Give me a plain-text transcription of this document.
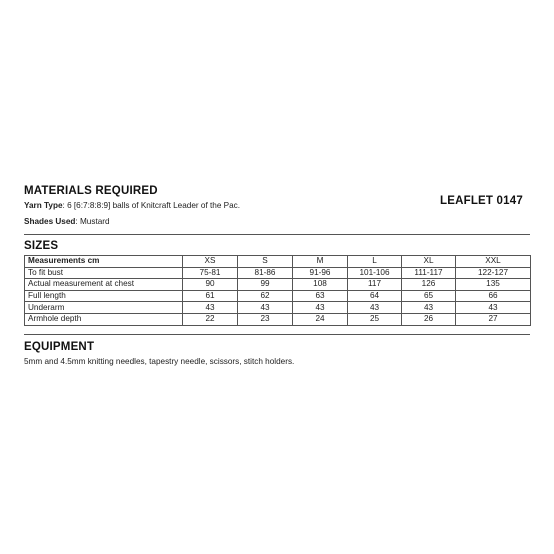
MATERIALS REQUIRED
LEAFLET 0147
Yarn Type: 6 [6:7:8:8:9] balls of Knitcraft Leader of the Pac.
Shades Used: Mustard
SIZES
Measurements cm	XS	S	M	L	XL	XXL
To fit bust	75-81	81-86	91-96	101-106	111-117	122-127
Actual measurement at chest	90	99	108	117	126	135
Full length	61	62	63	64	65	66
Underarm	43	43	43	43	43	43
Armhole depth	22	23	24	25	26	27
EQUIPMENT
5mm and 4.5mm knitting needles, tapestry needle, scissors, stitch holders.
